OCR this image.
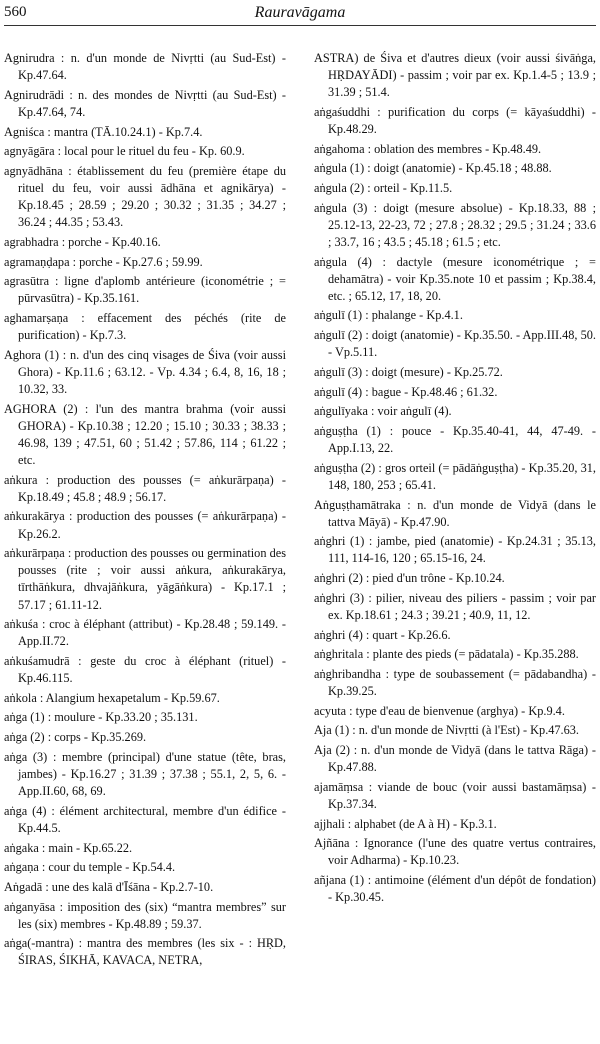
560	Rauravāgama

Agnirudra : n. d'un monde de Nivṛtti (au Sud-Est) - Kp.47.64.

Agnirudrādi : n. des mondes de Nivṛtti (au Sud-Est) - Kp.47.64, 74.

Agniśca : mantra (TĀ.10.24.1) - Kp.7.4.

agnyāgāra : local pour le rituel du feu - Kp. 60.9.

agnyādhāna : établissement du feu (première étape du rituel du feu, voir aussi ādhāna et agnikārya) - Kp.18.45 ; 28.59 ; 29.20 ; 30.32 ; 31.35 ; 34.27 ; 36.24 ; 44.35 ; 53.43.

agrabhadra : porche - Kp.40.16.

agramaṇḍapa : porche - Kp.27.6 ; 59.99.

agrasūtra : ligne d'aplomb antérieure (iconométrie ; = pūrvasūtra) - Kp.35.161.

aghamarṣaṇa : effacement des péchés (rite de purification) - Kp.7.3.

Aghora (1) : n. d'un des cinq visages de Śiva (voir aussi Ghora) - Kp.11.6 ; 63.12. - Vp. 4.34 ; 6.4, 8, 16, 18 ; 10.32, 33.

AGHORA (2) : l'un des mantra brahma (voir aussi GHORA) - Kp.10.38 ; 12.20 ; 15.10 ; 30.33 ; 38.33 ; 46.98, 139 ; 47.51, 60 ; 51.42 ; 57.86, 114 ; 61.22 ; etc.

aṅkura : production des pousses (= aṅkurārpaṇa) - Kp.18.49 ; 45.8 ; 48.9 ; 56.17.

aṅkurakārya : production des pousses (= aṅkurārpaṇa) - Kp.26.2.

aṅkurārpaṇa : production des pousses ou germination des pousses (rite ; voir aussi aṅkura, aṅkurakārya, tīrthāṅkura, dhvajāṅkura, yāgāṅkura) - Kp.17.1 ; 57.17 ; 61.11-12.

aṅkuśa : croc à éléphant (attribut) - Kp.28.48 ; 59.149. - App.II.72.

aṅkuśamudrā : geste du croc à éléphant (rituel) - Kp.46.115.

aṅkola : Alangium hexapetalum - Kp.59.67.

aṅga (1) : moulure - Kp.33.20 ; 35.131.

aṅga (2) : corps - Kp.35.269.

aṅga (3) : membre (principal) d'une statue (tête, bras, jambes) - Kp.16.27 ; 31.39 ; 37.38 ; 55.1, 2, 5, 6. - App.II.60, 68, 69.

aṅga (4) : élément architectural, membre d'un édifice - Kp.44.5.

aṅgaka : main - Kp.65.22.

aṅgaṇa : cour du temple - Kp.54.4.

Aṅgadā : une des kalā d'Īśāna - Kp.2.7-10.

aṅganyāsa : imposition des (six) “mantra membres” sur les (six) membres - Kp.48.89 ; 59.37.

aṅga(-mantra) : mantra des membres (les six - : HṚD, ŚIRAS, ŚIKHĀ, KAVACA, NETRA,

ASTRA) de Śiva et d'autres dieux (voir aussi śivāṅga, HṚDAYĀDI) - passim ; voir par ex. Kp.1.4-5 ; 13.9 ; 31.39 ; 51.4.

aṅgaśuddhi : purification du corps (= kāyaśuddhi) - Kp.48.29.

aṅgahoma : oblation des membres - Kp.48.49.

aṅgula (1) : doigt (anatomie) - Kp.45.18 ; 48.88.

aṅgula (2) : orteil - Kp.11.5.

aṅgula (3) : doigt (mesure absolue) - Kp.18.33, 88 ; 25.12-13, 22-23, 72 ; 27.8 ; 28.32 ; 29.5 ; 31.24 ; 33.6 ; 33.7, 16 ; 43.5 ; 45.18 ; 61.5 ; etc.

aṅgula (4) : dactyle (mesure iconométrique ; = dehamātra) - voir Kp.35.note 10 et passim ; Kp.38.4, etc. ; 65.12, 17, 18, 20.

aṅgulī (1) : phalange - Kp.4.1.

aṅgulī (2) : doigt (anatomie) - Kp.35.50. - App.III.48, 50. - Vp.5.11.

aṅgulī (3) : doigt (mesure) - Kp.25.72.

aṅgulī (4) : bague - Kp.48.46 ; 61.32.

aṅgulīyaka : voir aṅgulī (4).

aṅguṣṭha (1) : pouce - Kp.35.40-41, 44, 47-49. - App.I.13, 22.

aṅguṣṭha (2) : gros orteil (= pādāṅguṣṭha) - Kp.35.20, 31, 148, 180, 253 ; 65.41.

Aṅguṣṭhamātraka : n. d'un monde de Vidyā (dans le tattva Māyā) - Kp.47.90.

aṅghri (1) : jambe, pied (anatomie) - Kp.24.31 ; 35.13, 111, 114-16, 120 ; 65.15-16, 24.

aṅghri (2) : pied d'un trône - Kp.10.24.

aṅghri (3) : pilier, niveau des piliers - passim ; voir par ex. Kp.18.61 ; 24.3 ; 39.21 ; 40.9, 11, 12.

aṅghri (4) : quart - Kp.26.6.

aṅghritala : plante des pieds (= pādatala) - Kp.35.288.

aṅghribandha : type de soubassement (= pādabandha) - Kp.39.25.

acyuta : type d'eau de bienvenue (arghya) - Kp.9.4.

Aja (1) : n. d'un monde de Nivṛtti (à l'Est) - Kp.47.63.

Aja (2) : n. d'un monde de Vidyā (dans le tattva Rāga) - Kp.47.88.

ajamāṃsa : viande de bouc (voir aussi bastamāṃsa) - Kp.37.34.

ajjhali : alphabet (de A à H) - Kp.3.1.

Ajñāna : Ignorance (l'une des quatre vertus contraires, voir Adharma) - Kp.10.23.

añjana (1) : antimoine (élément d'un dépôt de fondation) - Kp.30.45.
